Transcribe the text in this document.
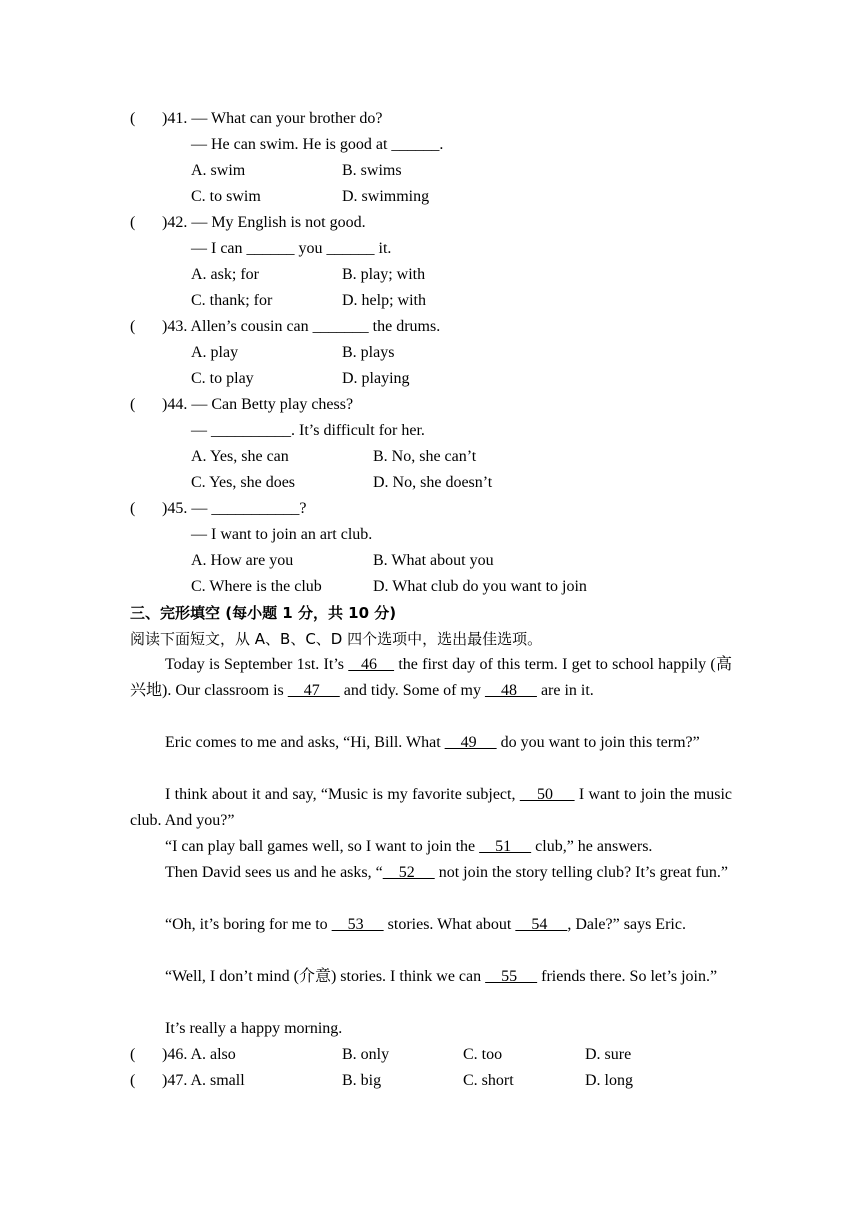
( )41. — What can your brother do?
— He can swim. He is good at ______.
A. swim	B. swims
C. to swim	D. swimming
( )42. — My English is not good.
— I can ______ you ______ it.
A. ask; for	B. play; with
C. thank; for	D. help; with
( )43. Allen’s cousin can _______ the drums.
A. play	B. plays
C. to play	D. playing
( )44. — Can Betty play chess?
— __________. It’s difficult for her.
A. Yes, she can	B. No, she can’t
C. Yes, she does	D. No, she doesn’t
( )45. — ___________?
— I want to join an art club.
A. How are you	B. What about you
C. Where is the club	D. What club do you want to join
三、完形填空 (每小题 1 分，共 10 分)
阅读下面短文，从 A、B、C、D 四个选项中，选出最佳选项。
Today is September 1st. It’s    46     the first day of this term. I get to school happily (高兴地). Our classroom is     47      and tidy. Some of my     48      are in it.
Eric comes to me and asks, “Hi, Bill. What     49      do you want to join this term?”
I think about it and say, “Music is my favorite subject,     50      I want to join the music club. And you?”
“I can play ball games well, so I want to join the     51      club,” he answers.
Then David sees us and he asks, “    52      not join the story telling club? It’s great fun.”
“Oh, it’s boring for me to     53      stories. What about     54     , Dale?” says Eric.
“Well, I don’t mind (介意) stories. I think we can     55      friends there. So let’s join.”
It’s really a happy morning.
( )46. A. also	B. only	C. too	D. sure
( )47. A. small	B. big	C. short	D. long
